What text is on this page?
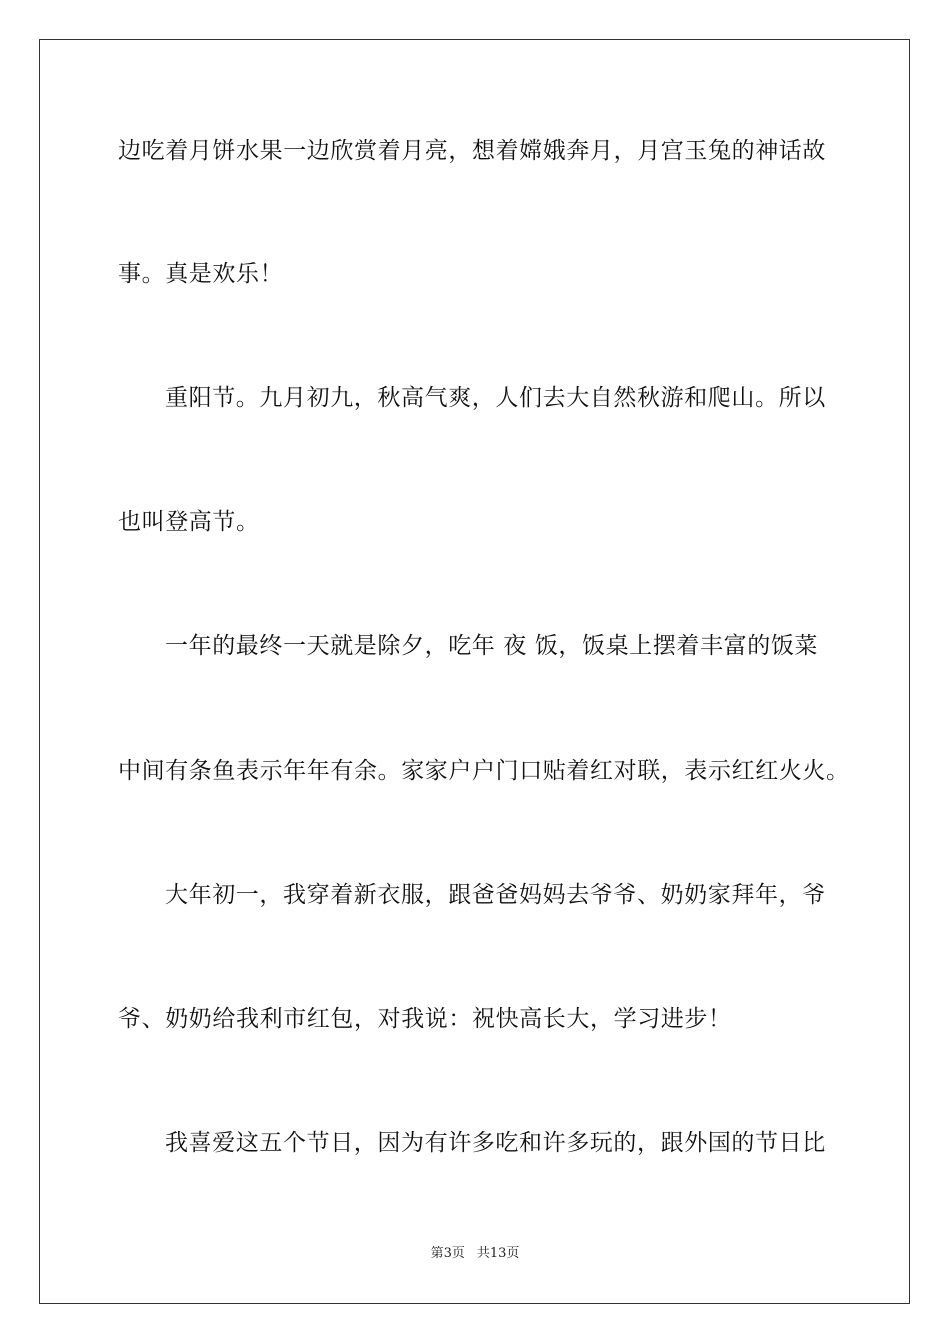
边吃着月饼水果一边欣赏着月亮，想着嫦娥奔月，月宫玉兔的神话故
事。真是欢乐！
重阳节。九月初九，秋高气爽，人们去大自然秋游和爬山。所以
也叫登高节。
一年的最终一天就是除夕，吃年 夜 饭，饭桌上摆着丰富的饭菜
中间有条鱼表示年年有余。家家户户门口贴着红对联，表示红红火火。
大年初一，我穿着新衣服，跟爸爸妈妈去爷爷、奶奶家拜年，爷
爷、奶奶给我利市红包，对我说：祝快高长大，学习进步！
我喜爱这五个节日，因为有许多吃和许多玩的，跟外国的节日比
第3页 共13页
